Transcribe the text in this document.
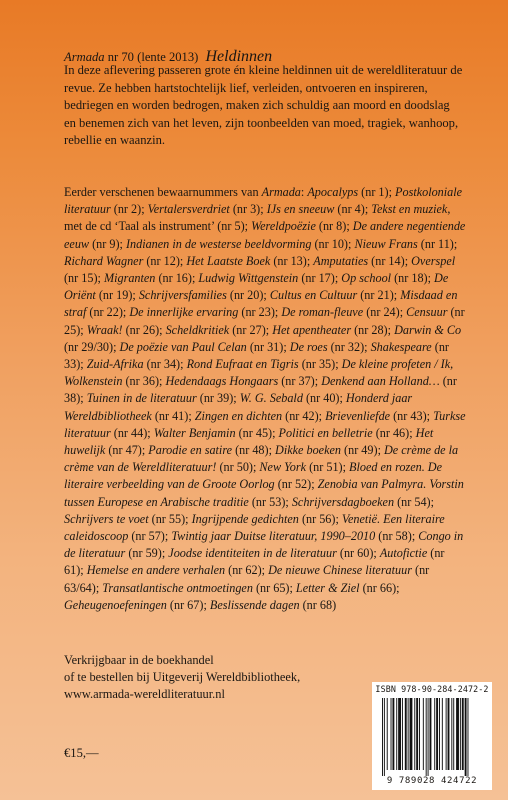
Armada nr 70 (lente 2013) Heldinnen

In deze aflevering passeren grote én kleine heldinnen uit de wereldliteratuur de revue. Ze hebben hartstochtelijk lief, verleiden, ontvoeren en inspireren, bedriegen en worden bedrogen, maken zich schuldig aan moord en doodslag en benemen zich van het leven, zijn toonbeelden van moed, tragiek, wanhoop, rebellie en waanzin.

Eerder verschenen bewaarnummers van Armada: Apocalyps (nr 1); Postkoloniale literatuur (nr 2); Vertalersverdriet (nr 3); IJs en sneeuw (nr 4); Tekst en muziek, met de cd ‘Taal als instrument’ (nr 5); Wereldpoëzie (nr 8); De andere negentiende eeuw (nr 9); Indianen in de westerse beeldvorming (nr 10); Nieuw Frans (nr 11); Richard Wagner (nr 12); Het Laatste Boek (nr 13); Amputaties (nr 14); Overspel (nr 15); Migranten (nr 16); Ludwig Wittgenstein (nr 17); Op school (nr 18); De Oriënt (nr 19); Schrijversfamilies (nr 20); Cultus en Cultuur (nr 21); Misdaad en straf (nr 22); De innerlijke ervaring (nr 23); De roman-fleuve (nr 24); Censuur (nr 25); Wraak! (nr 26); Scheldkritiek (nr 27); Het apentheater (nr 28); Darwin & Co (nr 29/30); De poëzie van Paul Celan (nr 31); De roes (nr 32); Shakespeare (nr 33); Zuid-Afrika (nr 34); Rond Eufraat en Tigris (nr 35); De kleine profeten / Ik, Wolkenstein (nr 36); Hedendaags Hongaars (nr 37); Denkend aan Holland… (nr 38); Tuinen in de literatuur (nr 39); W. G. Sebald (nr 40); Honderd jaar Wereldbibliotheek (nr 41); Zingen en dichten (nr 42); Brievenliefde (nr 43); Turkse literatuur (nr 44); Walter Benjamin (nr 45); Politici en belletrie (nr 46); Het huwelijk (nr 47); Parodie en satire (nr 48); Dikke boeken (nr 49); De crème de la crème van de Wereldliteratuur! (nr 50); New York (nr 51); Bloed en rozen. De literaire verbeelding van de Groote Oorlog (nr 52); Zenobia van Palmyra. Vorstin tussen Europese en Arabische traditie (nr 53); Schrijversdagboeken (nr 54); Schrijvers te voet (nr 55); Ingrijpende gedichten (nr 56); Venetië. Een literaire caleidoscoop (nr 57); Twintig jaar Duitse literatuur, 1990–2010 (nr 58); Congo in de literatuur (nr 59); Joodse identiteiten in de literatuur (nr 60); Autofictie (nr 61); Hemelse en andere verhalen (nr 62); De nieuwe Chinese literatuur (nr 63/64); Transatlantische ontmoetingen (nr 65); Letter & Ziel (nr 66); Geheugenoefeningen (nr 67); Beslissende dagen (nr 68)
Verkrijgbaar in de boekhandel
of te bestellen bij Uitgeverij Wereldbibliotheek,
www.armada-wereldliteratuur.nl
€15,—
ISBN 978-90-284-2472-2
9 789028 424722
